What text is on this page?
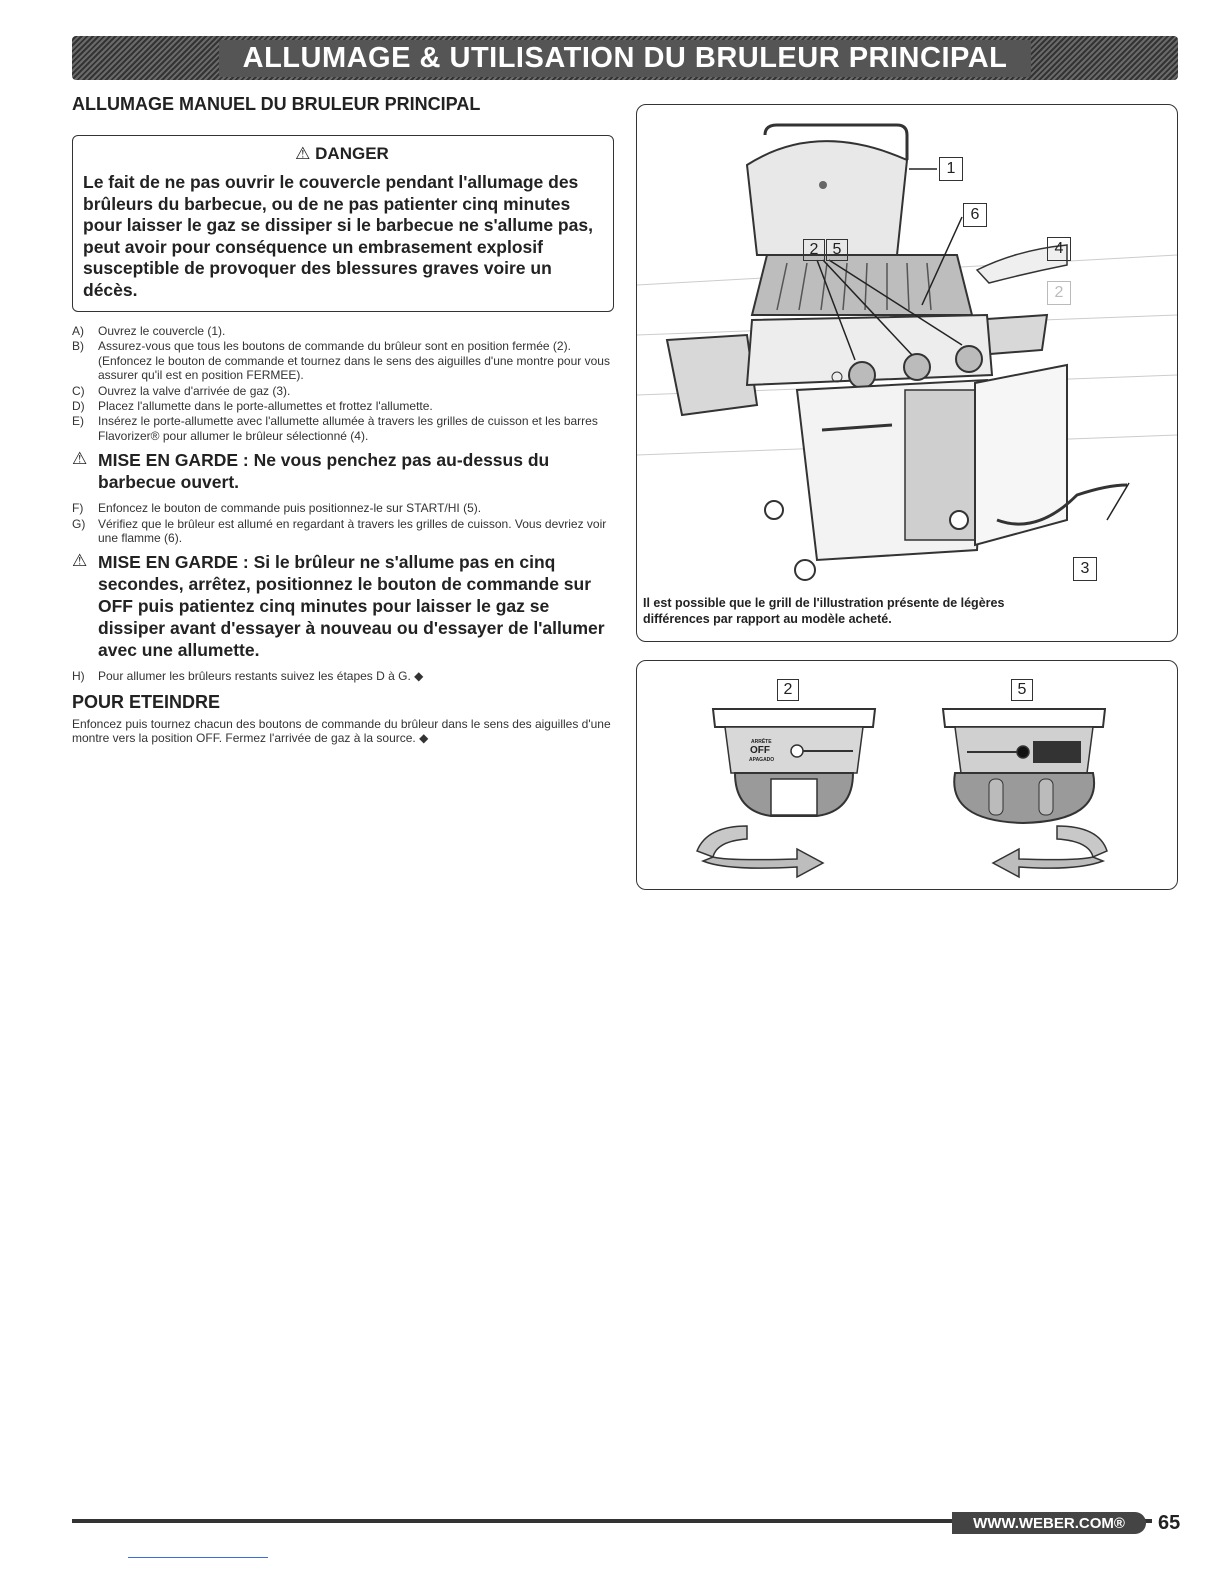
ALLUMAGE & UTILISATION DU BRULEUR PRINCIPAL
ALLUMAGE MANUEL DU BRULEUR PRINCIPAL
⚠ DANGER

Le fait de ne pas ouvrir le couvercle pendant l'allumage des brûleurs du barbecue, ou de ne pas patienter cinq minutes pour laisser le gaz se dissiper si le barbecue ne s'allume pas, peut avoir pour conséquence un embrasement explosif susceptible de provoquer des blessures graves voire un décès.

A)	Ouvrez le couvercle (1).
B)	Assurez-vous que tous les boutons de commande du brûleur sont en position fermée (2). (Enfoncez le bouton de commande et tournez dans le sens des aiguilles d'une montre pour vous assurer qu'il est en position FERMEE).
C)	Ouvrez la valve d'arrivée de gaz (3).
D)	Placez l'allumette dans le porte-allumettes et frottez l'allumette.
E)	Insérez le porte-allumette avec l'allumette allumée à travers les grilles de cuisson et les barres Flavorizer® pour allumer le brûleur sélectionné (4).
⚠ MISE EN GARDE : Ne vous penchez pas au-dessus du barbecue ouvert.
F)	Enfoncez le bouton de commande puis positionnez-le sur START/HI (5).
G)	Vérifiez que le brûleur est allumé en regardant à travers les grilles de cuisson. Vous devriez voir une flamme (6).
⚠ MISE EN GARDE : Si le brûleur ne s'allume pas en cinq secondes, arrêtez, positionnez le bouton de commande sur OFF puis patientez cinq minutes pour laisser le gaz se dissiper avant d'essayer à nouveau ou d'essayer de l'allumer avec une allumette.
H)	Pour allumer les brûleurs restants suivez les étapes D à G. ◆
POUR ETEINDRE

Enfoncez puis tournez chacun des boutons de commande du brûleur dans le sens des aiguilles d'une montre vers la position OFF. Fermez l'arrivée de gaz à la source. ◆

1
6
2 5	4
2
3
Il est possible que le grill de l'illustration présente de légères différences par rapport au modèle acheté.
2	5
ARRÊTE
OFF
APAGADO
WWW.WEBER.COM®	65
